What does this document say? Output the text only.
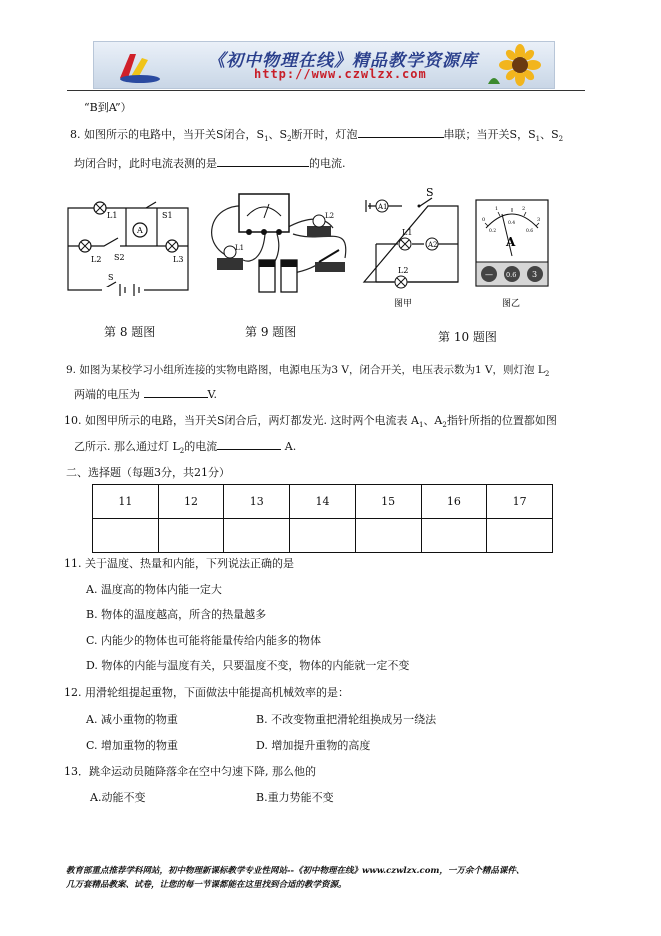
《初中物理在线》精品教学资源库
http://www.czwlzx.com
“B到A”）
8. 如图所示的电路中，当开关S闭合，$S_1$、$S_2$断开时，灯泡	串联；当开关S，$S_1$、$S_2$
均闭合时，此时电流表测的是	的电流.
L1	S1
A
L2 S2	L3
S
L1
L2
A1
S
L1
A2
L2
图甲
0
1	2
3
0.2
0.4
0.6
A
— 0.6 3
图乙
第 8 题图	第 9 题图	第 10 题图
9. 如图为某校学习小组所连接的实物电路图，电源电压为3 V，闭合开关，电压表示数为1 V，则灯泡 $L_2$
两端的电压为	V.
10. 如图甲所示的电路，当开关S闭合后，两灯都发光. 这时两个电流表 $A_1$、$A_2$指针所指的位置都如图
乙所示. 那么通过灯 $L_2$的电流	A.
二、选择题（每题3分，共21分）
11	12	13	14	15	16	17

11. 关于温度、热量和内能，下列说法正确的是
A. 温度高的物体内能一定大
B. 物体的温度越高，所含的热量越多
C. 内能少的物体也可能将能量传给内能多的物体
D. 物体的内能与温度有关，只要温度不变，物体的内能就一定不变
12. 用滑轮组提起重物，下面做法中能提高机械效率的是：
A. 减小重物的物重	B. 不改变物重把滑轮组换成另一绕法
C. 增加重物的物重	D. 增加提升重物的高度
13．跳伞运动员随降落伞在空中匀速下降, 那么他的
A.动能不变	B.重力势能不变
教育部重点推荐学科网站，初中物理新课标教学专业性网站--《初中物理在线》www.czwlzx.com，一万余个精品课件、
几万套精品教案、试卷，让您的每一节课都能在这里找到合适的教学资源。
